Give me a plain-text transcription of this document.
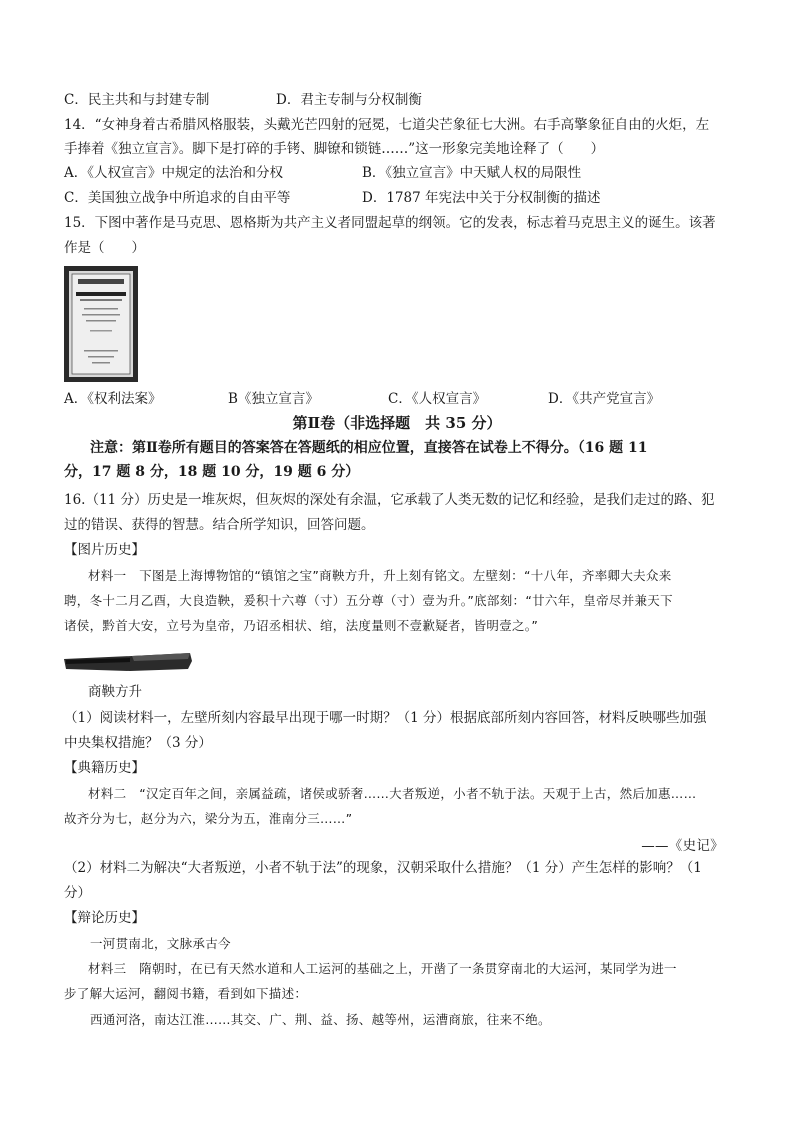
C．民主共和与封建专制	D．君主专制与分权制衡
14．“女神身着古希腊风格服装，头戴光芒四射的冠冕，七道尖芒象征七大洲。右手高擎象征自由的火炬，左
手捧着《独立宣言》。脚下是打碎的手铐、脚镣和锁链……”这一形象完美地诠释了（　　）
A．《人权宣言》中规定的法治和分权	B．《独立宣言》中天赋人权的局限性
C．美国独立战争中所追求的自由平等	D．1787 年宪法中关于分权制衡的描述
15．下图中著作是马克思、恩格斯为共产主义者同盟起草的纲领。它的发表，标志着马克思主义的诞生。该著
作是（　　）
A．《权利法案》	B《独立宣言》	C．《人权宣言》	D．《共产党宣言》
第Ⅱ卷（非选择题　共 35 分）
注意：第Ⅱ卷所有题目的答案答在答题纸的相应位置，直接答在试卷上不得分。（16 题 11
分，17 题 8 分，18 题 10 分，19 题 6 分）
16.（11 分）历史是一堆灰烬，但灰烬的深处有余温，它承载了人类无数的记忆和经验，是我们走过的路、犯
过的错误、获得的智慧。结合所学知识，回答问题。
【图片历史】
材料一　下图是上海博物馆的“镇馆之宝”商鞅方升，升上刻有铭文。左壁刻：“十八年，齐率卿大夫众来
聘，冬十二月乙酉，大良造鞅，爰积十六尊（寸）五分尊（寸）壹为升。”底部刻：“廿六年，皇帝尽并兼天下
诸侯，黔首大安，立号为皇帝，乃诏丞相状、绾，法度量则不壹歉疑者，皆明壹之。”
商鞅方升
（1）阅读材料一，左壁所刻内容最早出现于哪一时期？（1 分）根据底部所刻内容回答，材料反映哪些加强
中央集权措施？（3 分）
【典籍历史】
材料二　“汉定百年之间，亲属益疏，诸侯或骄奢……大者叛逆，小者不轨于法。天观于上古，然后加惠……
故齐分为七，赵分为六，梁分为五，淮南分三……”
——《史记》
（2）材料二为解决“大者叛逆，小者不轨于法”的现象，汉朝采取什么措施？（1 分）产生怎样的影响？（1
分）
【辩论历史】
一河贯南北，文脉承古今
材料三　隋朝时，在已有天然水道和人工运河的基础之上，开凿了一条贯穿南北的大运河，某同学为进一
步了解大运河，翻阅书籍，看到如下描述：
西通河洛，南达江淮……其交、广、荆、益、扬、越等州，运漕商旅，往来不绝。
